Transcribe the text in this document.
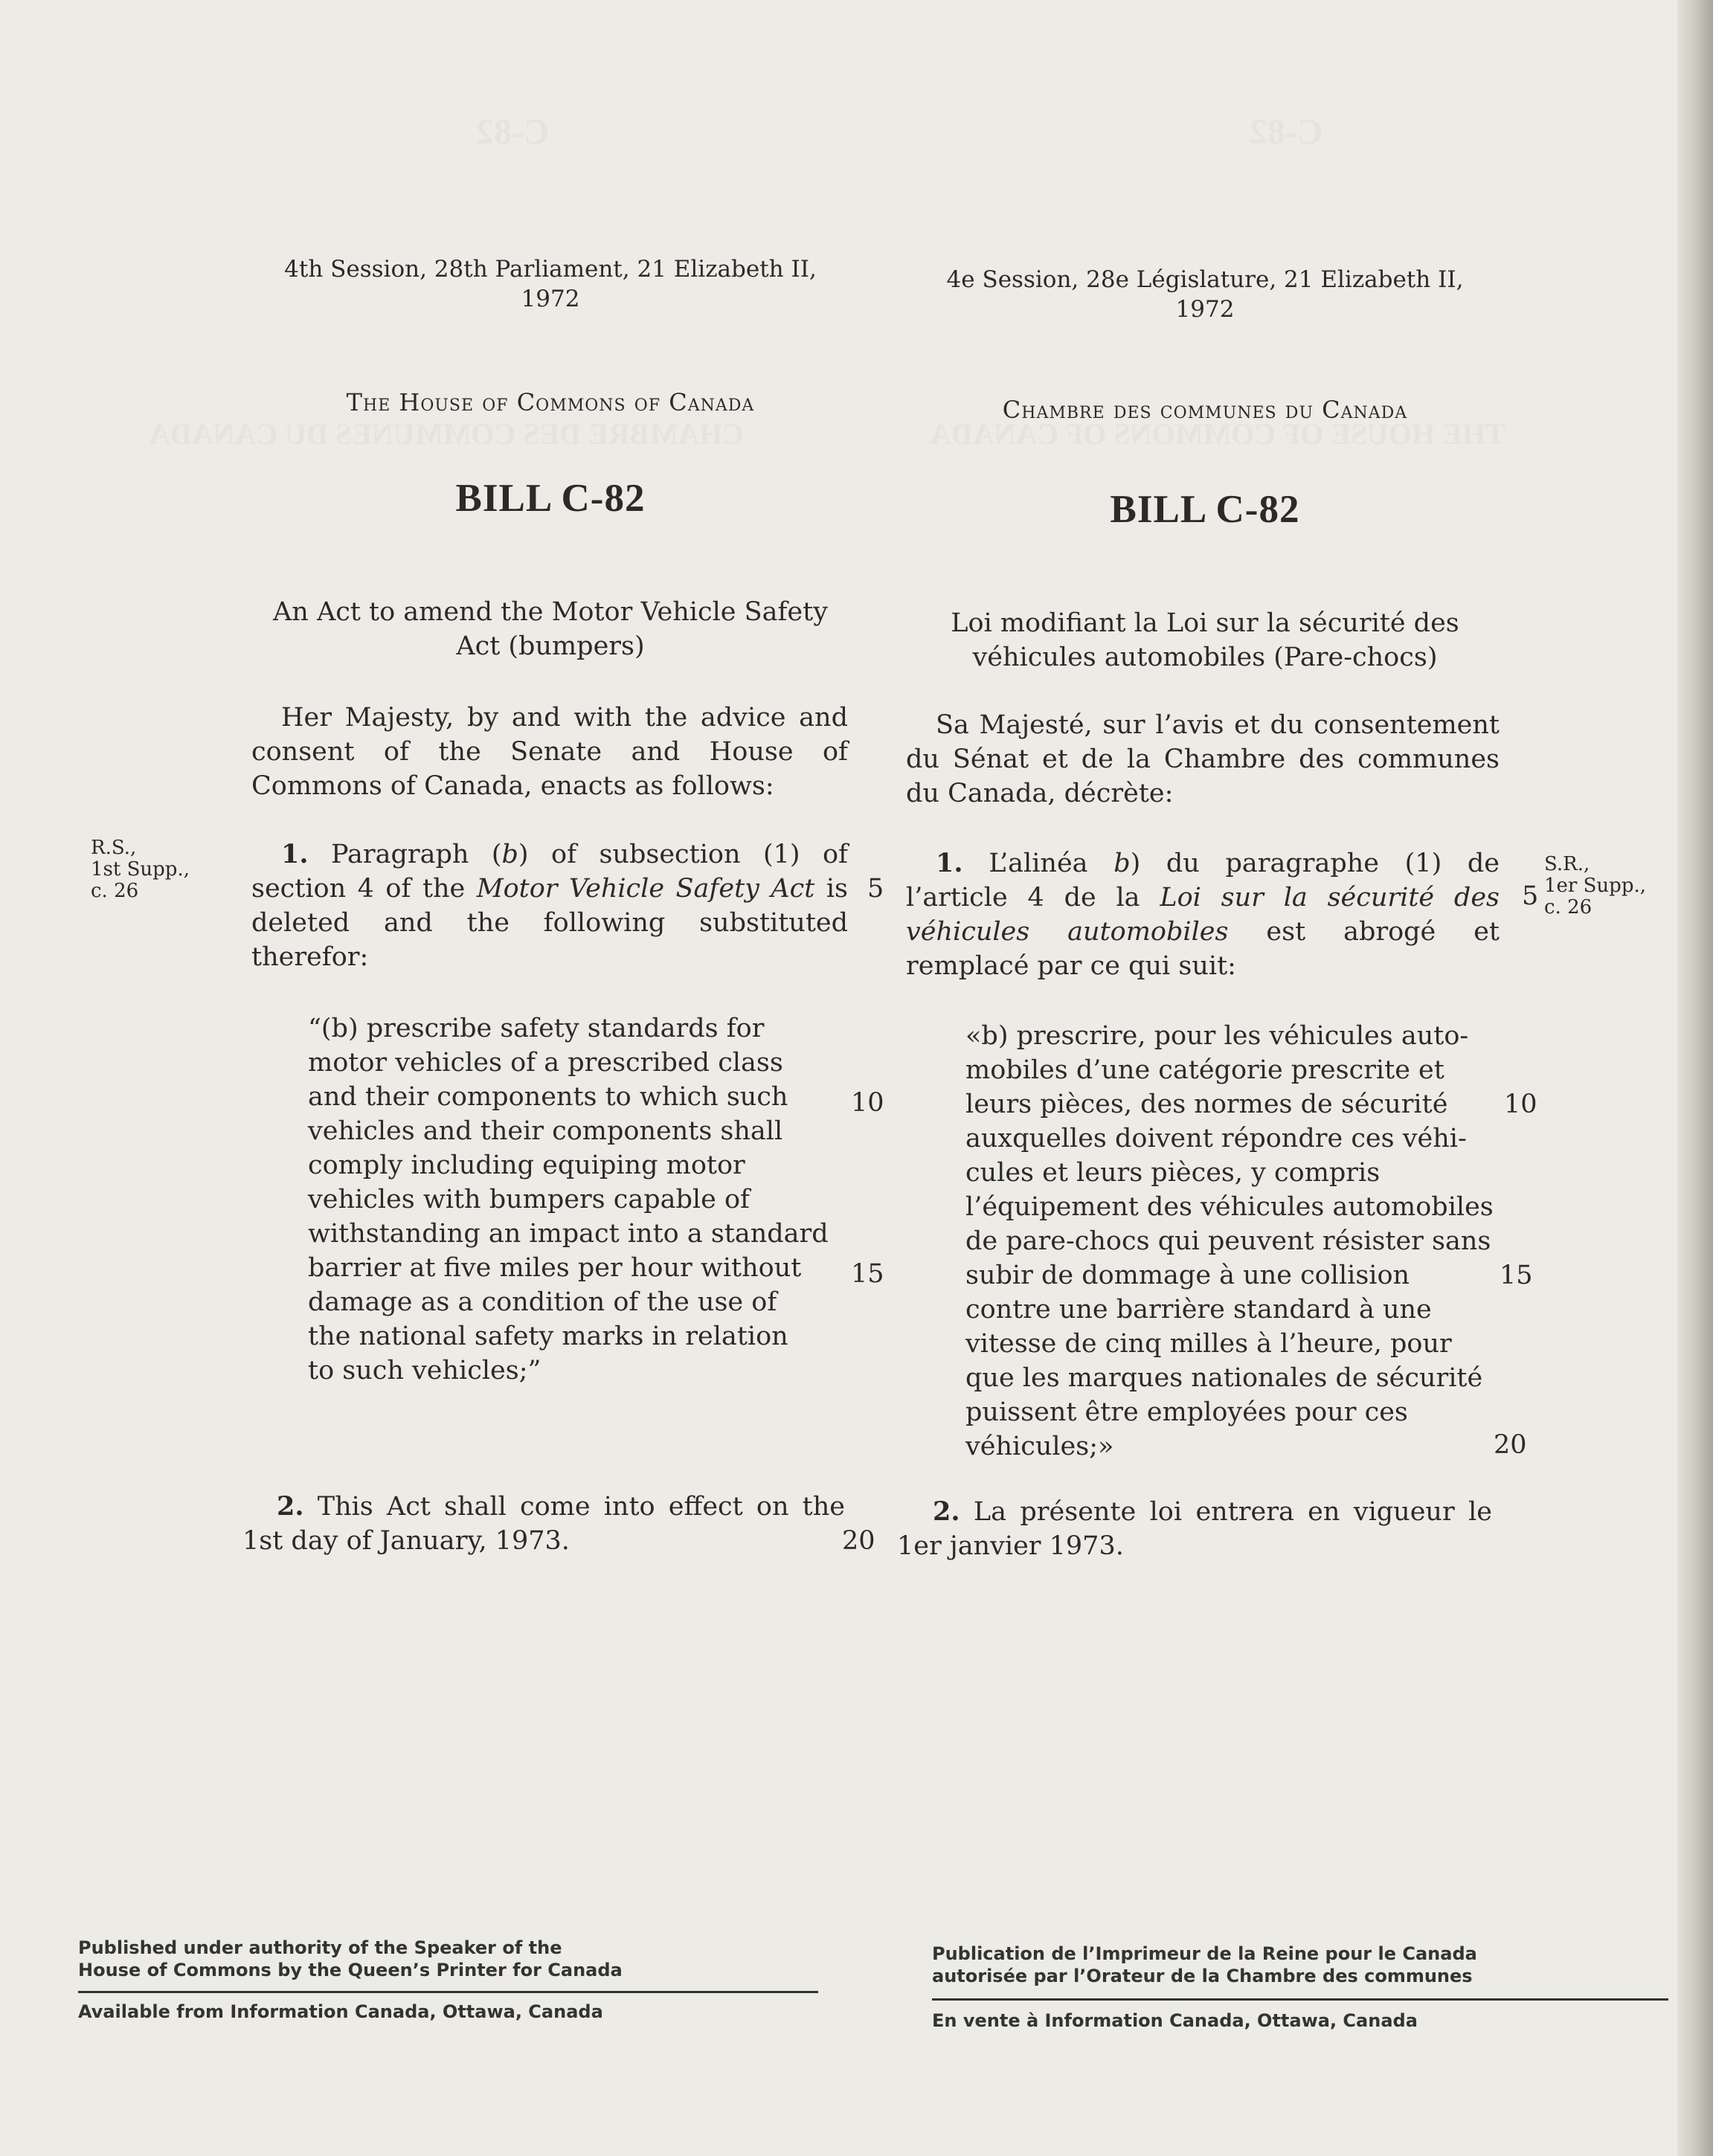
4th Session, 28th Parliament, 21 Elizabeth II,
1972
The House of Commons of Canada
BILL C-82
An Act to amend the Motor Vehicle Safety
Act (bumpers)
Her Majesty, by and with the advice and consent of the Senate and House of Commons of Canada, enacts as follows:
R.S.,
1st Supp.,
c. 26
1. Paragraph (b) of subsection (1) of section 4 of the Motor Vehicle Safety Act is deleted and the following substituted therefor:
“(b) prescribe safety standards for
motor vehicles of a prescribed class
and their components to which such
vehicles and their components shall
comply including equiping motor
vehicles with bumpers capable of
withstanding an impact into a standard
barrier at five miles per hour without
damage as a condition of the use of
the national safety marks in relation
to such vehicles;”
2. This Act shall come into effect on the 1st day of January, 1973.
5
10
15
20
4e Session, 28e Législature, 21 Elizabeth II,
1972
Chambre des communes du Canada
BILL C-82
Loi modifiant la Loi sur la sécurité des
véhicules automobiles (Pare-chocs)
Sa Majesté, sur l’avis et du consentement du Sénat et de la Chambre des communes du Canada, décrète:
1. L’alinéa b) du paragraphe (1) de l’article 4 de la Loi sur la sécurité des véhicules automobiles est abrogé et remplacé par ce qui suit:
S.R.,
1er Supp.,
c. 26
«b) prescrire, pour les véhicules auto-
mobiles d’une catégorie prescrite et
leurs pièces, des normes de sécurité
auxquelles doivent répondre ces véhi-
cules et leurs pièces, y compris
l’équipement des véhicules automobiles
de pare-chocs qui peuvent résister sans
subir de dommage à une collision
contre une barrière standard à une
vitesse de cinq milles à l’heure, pour
que les marques nationales de sécurité
puissent être employées pour ces
véhicules;»
2. La présente loi entrera en vigueur le 1er janvier 1973.
5
10
15
20
Published under authority of the Speaker of the
House of Commons by the Queen’s Printer for Canada
Available from Information Canada, Ottawa, Canada
Publication de l’Imprimeur de la Reine pour le Canada
autorisée par l’Orateur de la Chambre des communes
En vente à Information Canada, Ottawa, Canada
